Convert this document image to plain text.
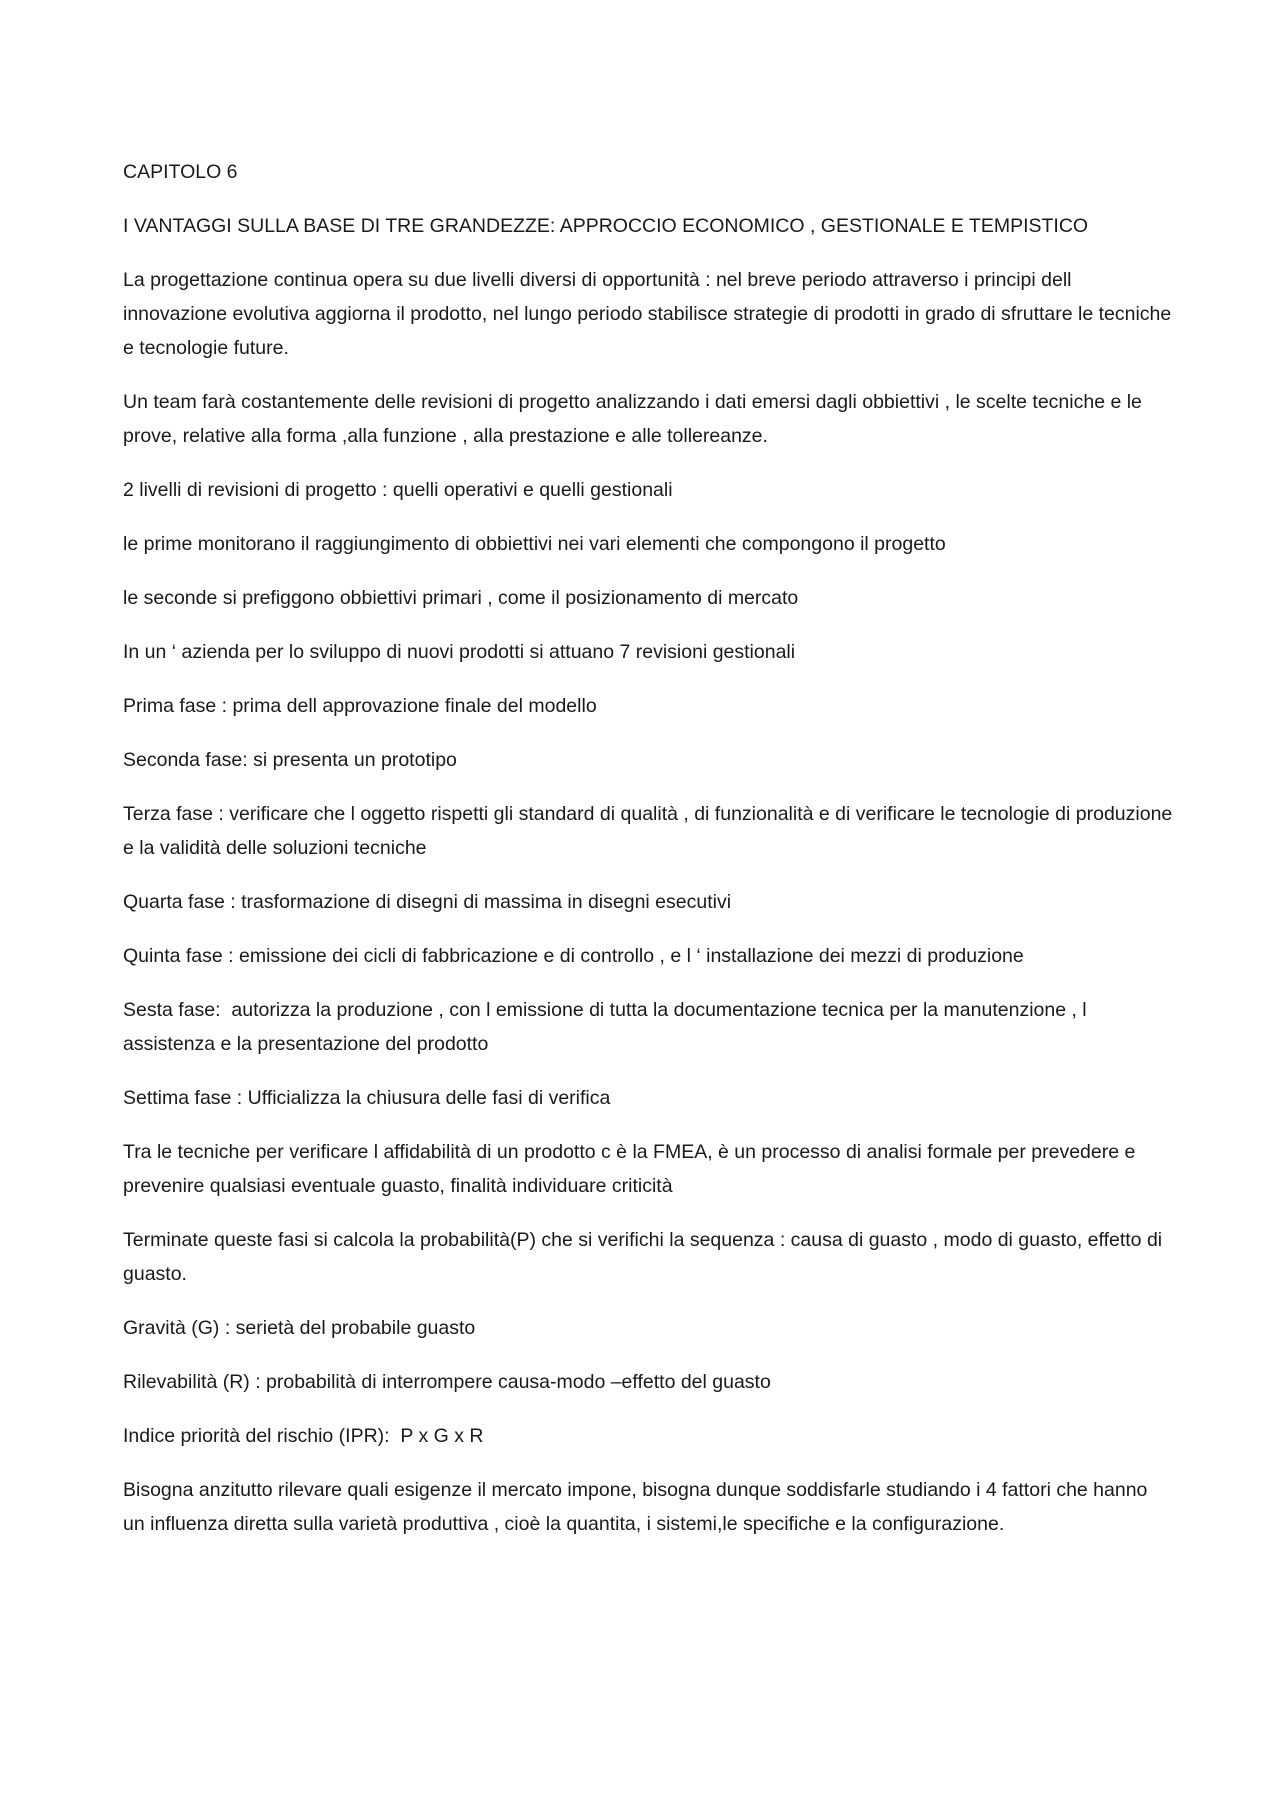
CAPITOLO 6

I VANTAGGI SULLA BASE DI TRE GRANDEZZE: APPROCCIO ECONOMICO , GESTIONALE E TEMPISTICO

La progettazione continua opera su due livelli diversi di opportunità : nel breve periodo attraverso i principi dell innovazione evolutiva aggiorna il prodotto, nel lungo periodo stabilisce strategie di prodotti in grado di sfruttare le tecniche e tecnologie future.

Un team farà costantemente delle revisioni di progetto analizzando i dati emersi dagli obbiettivi , le scelte tecniche e le prove, relative alla forma ,alla funzione , alla prestazione e alle tollereanze.

2 livelli di revisioni di progetto : quelli operativi e quelli gestionali

le prime monitorano il raggiungimento di obbiettivi nei vari elementi che compongono il progetto

le seconde si prefiggono obbiettivi primari , come il posizionamento di mercato

In un ‘ azienda per lo sviluppo di nuovi prodotti si attuano 7 revisioni gestionali

Prima fase : prima dell approvazione finale del modello

Seconda fase: si presenta un prototipo

Terza fase : verificare che l oggetto rispetti gli standard di qualità , di funzionalità e di verificare le tecnologie di produzione e la validità delle soluzioni tecniche

Quarta fase : trasformazione di disegni di massima in disegni esecutivi

Quinta fase : emissione dei cicli di fabbricazione e di controllo , e l ‘ installazione dei mezzi di produzione

Sesta fase:  autorizza la produzione , con l emissione di tutta la documentazione tecnica per la manutenzione , l assistenza e la presentazione del prodotto

Settima fase : Ufficializza la chiusura delle fasi di verifica

Tra le tecniche per verificare l affidabilità di un prodotto c è la FMEA, è un processo di analisi formale per prevedere e prevenire qualsiasi eventuale guasto, finalità individuare criticità

Terminate queste fasi si calcola la probabilità(P) che si verifichi la sequenza : causa di guasto , modo di guasto, effetto di guasto.

Gravità (G) : serietà del probabile guasto

Rilevabilità (R) : probabilità di interrompere causa-modo –effetto del guasto

Indice priorità del rischio (IPR):  P x G x R

Bisogna anzitutto rilevare quali esigenze il mercato impone, bisogna dunque soddisfarle studiando i 4 fattori che hanno un influenza diretta sulla varietà produttiva , cioè la quantita, i sistemi,le specifiche e la configurazione.
